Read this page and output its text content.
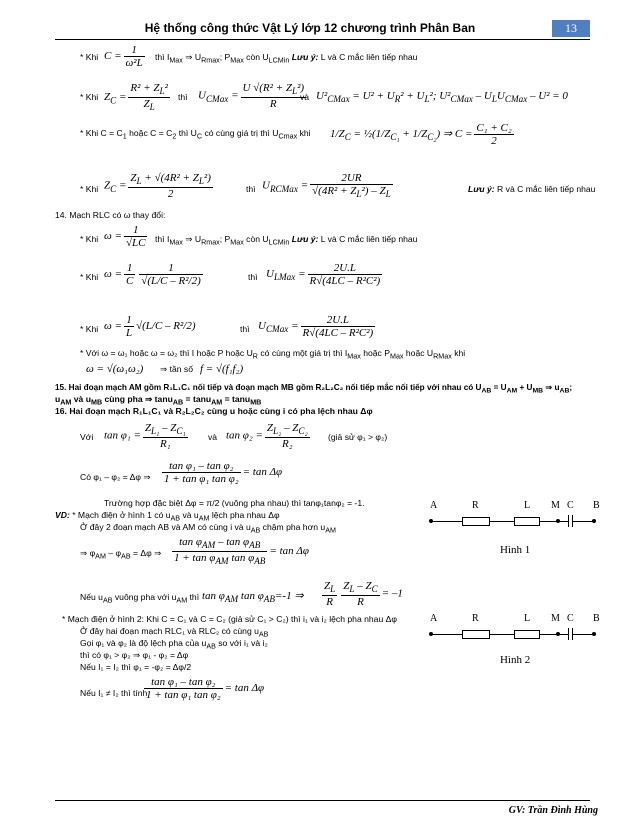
Hệ thống công thức Vật Lý lớp 12 chương trình Phân Ban	13
* Khi $C = \frac{1}{\text{ω²L}}$ thì $I_{Max}$ ⇒ $U_{Rmax}$; $P_{Max}$ còn $U_{LCMin}$ Lưu ý: L và C mắc liên tiếp nhau
* Khi $Z_C = \frac{R^2 + Z_L^2}{Z_L}$ thì $U_{CMax} = \frac{U √(R^2 + Z_L^2)}{R}$
và $U^2_{CMax} = U^2 + U_R^2 + U_L^2$; $U^2_{CMax} - U_LU_{CMax} - U^2 = 0$
* Khi $C = C_1$ hoặc $C = C_2$ thì $U_C$ có cùng giá trị thì $U_{Cmax}$ khi $1/Z_C$ = $\frac{1}{2}(1/Z_{C_1} + 1/Z_{C_2})$ ⇒ $C = \frac{\text{C₁ + C₂}}{2}$
* Khi $Z_C = \frac{Z_L + √(4R^2 + Z_L^2)}{2}$	thì $U_{RCMax} = \frac{2UR}{√(4R^2 + Z_L^2) - Z_L}$	Lưu ý: R và C mắc liên tiếp nhau
14. Mạch RLC có ω thay đổi:
* Khi $\omega = \frac{1}{√LC}$ thì $I_{Max}$ ⇒ $U_{Rmax}$; $P_{Max}$ còn $U_{LCMin}$ Lưu ý: L và C mắc liên tiếp nhau
* Khi $\omega = \frac{1}{C} \frac{1}{\text{√(L/C – R²/2)}}$	thì $U_{LMax} = \frac{2U.L}{\text{R√(4LC – R²C²)}}$
* Khi $\omega = \frac{1}{L} √(L/C - R^2/2)$	thì $U_{CMax} = \frac{2U.L}{\text{R√(4LC – R²C²)}}$
* Với ω = ω₁ hoặc ω = ω₂ thì I hoặc P hoặc $U_R$ có cùng một giá trị thì $I_{Max}$ hoặc $P_{Max}$ hoặc $U_{RMax}$ khi
ω = √(ω₁ω₂) ⇒ tần số f = √(f₁f₂)
15. Hai đoạn mạch AM gồm R₁L₁C₁ nối tiếp và đoạn mạch MB gồm R₂L₂C₂ nối tiếp mắc nối tiếp với nhau có $U_{AB} = U_{AM} + U_{MB}$ ⇒ $u_{AB}$;
$u_{AM}$ và $u_{MB}$ cùng pha ⇒ tanu$_{AB}$ = tanu$_{AM}$ = tanu$_{MB}$
16. Hai đoạn mạch R₁L₁C₁ và R₂L₂C₂ cùng u hoặc cùng i có pha lệch nhau Δφ
Với $\tan \varphi_1 = \frac{Z_{L_1} - Z_{C_1}}{\text{R₁}}$ và $\tan \varphi_2 = \frac{Z_{L_2} - Z_{C_2}}{\text{R₂}}$ (giả sử φ₁ > φ₂)
Có φ₁ – φ₂ = Δφ ⇒ $\frac{\text{tan φ₁ – tan φ₂}}{\text{1 + tan φ₁ tan φ₂}} = \tan \Delta\varphi$
Trường hợp đặc biệt Δφ = π/2 (vuông pha nhau) thì tanφ₁tanφ₂ = -1.
VD: * Mạch điện ở hình 1 có $u_{AB}$ và $u_{AM}$ lệch pha nhau Δφ
Ở đây 2 đoạn mạch AB và AM có cùng i và $u_{AB}$ chậm pha hơn $u_{AM}$
⇒ $\varphi_{AM} - \varphi_{AB} = \Delta\varphi$ ⇒
$\tan \varphi_{AM}$ – $\tan \varphi_{AB}$
$1 + \tan \varphi_{AM}$ $\tan \varphi_{AB}$
= tan Δφ
Nếu $u_{AB}$ vuông pha với $u_{AM}$ thì $\tan \varphi_{AM}$ $\tan \varphi_{AB}=-1$ ⇒ $\frac{Z_L}{R} \frac{Z_L - Z_C}{R} = -1$
* Mạch điện ở hình 2: Khi C = C₁ và C = C₂ (giả sử C₁ > C₂) thì i₁ và i₂ lệch pha nhau Δφ
Ở đây hai đoạn mạch RLC₁ và RLC₂ có cùng $u_{AB}$
Gọi φ₁ và φ₂ là độ lệch pha của $u_{AB}$ so với i₁ và i₂
thì có φ₁ > φ₂ ⇒ φ₁ - φ₂ = Δφ
Nếu I₁ = I₂ thì φ₁ = -φ₂ = Δφ/2
Nếu I₁ ≠ I₂ thì tính
$\frac{\text{tan φ₁ – tan φ₂}}{\text{1 + tan φ₁ tan φ₂}} = \tan \Delta\varphi$
A	R	L M C B
Hình 1
A	R	L M C B
Hình 2
GV: Trần Đình Hùng
